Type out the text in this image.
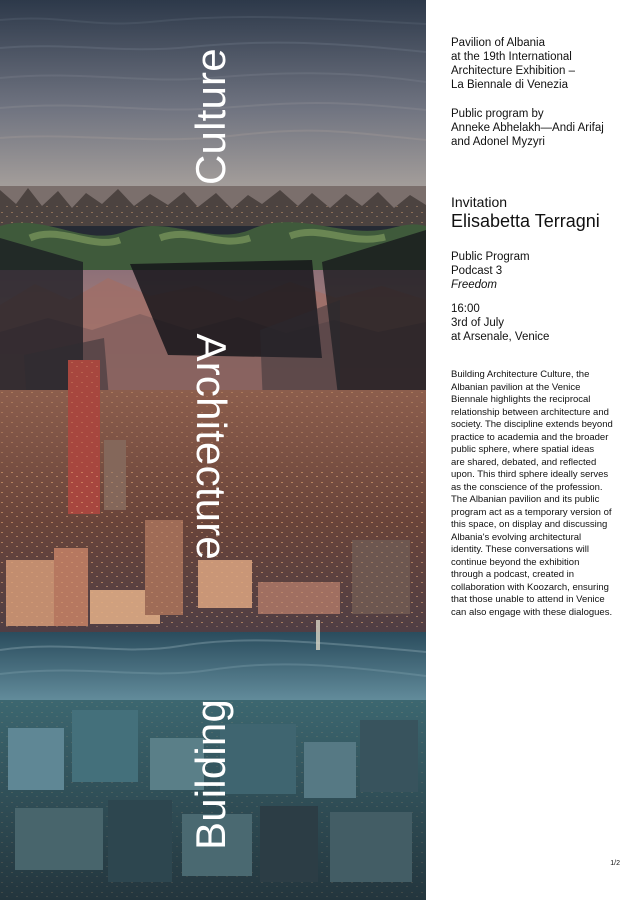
Culture
Architecture
Building
Pavilion of Albania
at the 19th International
Architecture Exhibition –
La Biennale di Venezia
Public program by
Anneke Abhelakh—Andi Arifaj
and Adonel Myzyri
Invitation
Elisabetta Terragni
Public Program
Podcast 3
Freedom
16:00
3rd of July
at Arsenale, Venice
Building Architecture Culture, the
Albanian pavilion at the Venice
Biennale highlights the reciprocal
relationship between architecture and
society. The discipline extends beyond
practice to academia and the broader
public sphere, where spatial ideas
are shared, debated, and reflected
upon. This third sphere ideally serves
as the conscience of the profession.
The Albanian pavilion and its public
program act as a temporary version of
this space, on display and discussing
Albania's evolving architectural
identity. These conversations will
continue beyond the exhibition
through a podcast, created in
collaboration with Koozarch, ensuring
that those unable to attend in Venice
can also engage with these dialogues.
1/2
